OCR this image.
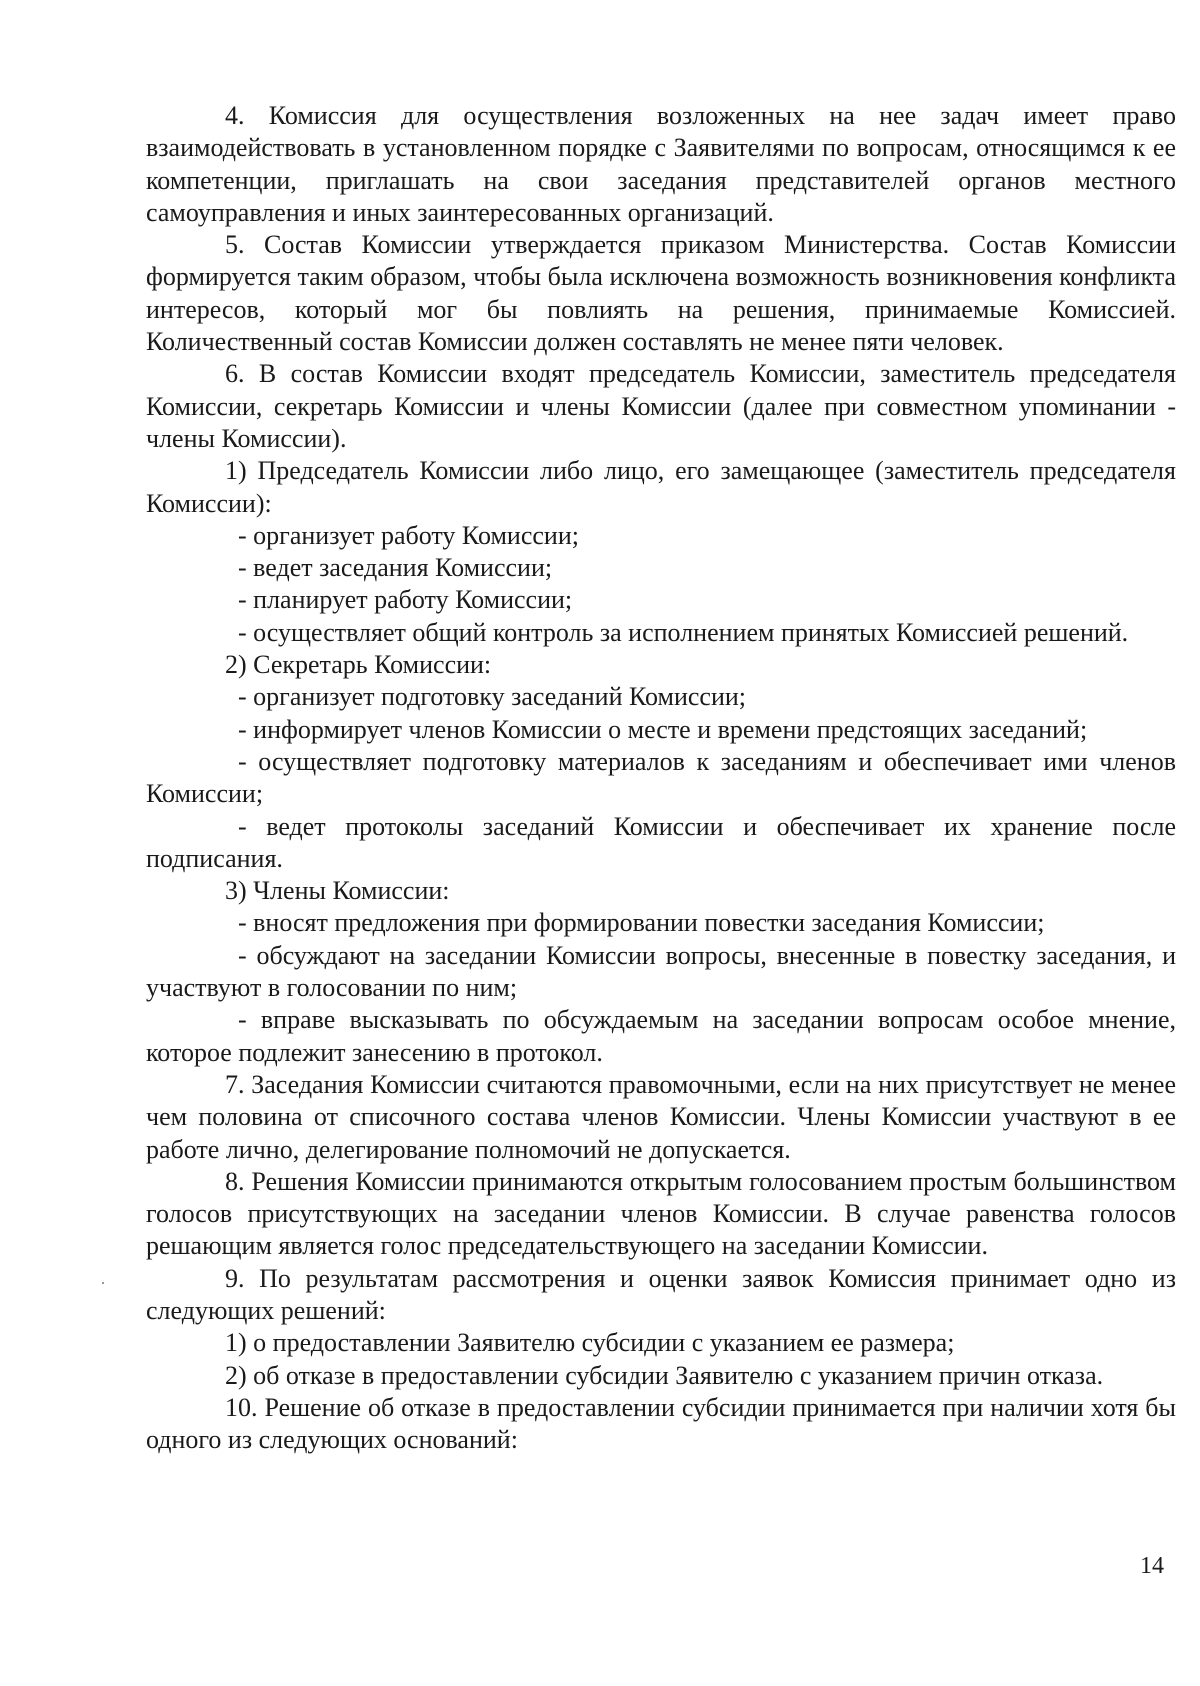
4. Комиссия для осуществления возложенных на нее задач имеет право взаимодействовать в установленном порядке с Заявителями по вопросам, относящимся к ее компетенции, приглашать на свои заседания представителей органов местного самоуправления и иных заинтересованных организаций.

5. Состав Комиссии утверждается приказом Министерства. Состав Комиссии формируется таким образом, чтобы была исключена возможность возникновения конфликта интересов, который мог бы повлиять на решения, принимаемые Комиссией. Количественный состав Комиссии должен составлять не менее пяти человек.

6. В состав Комиссии входят председатель Комиссии, заместитель председателя Комиссии, секретарь Комиссии и члены Комиссии (далее при совместном упоминании - члены Комиссии).

1) Председатель Комиссии либо лицо, его замещающее (заместитель председателя Комиссии):

- организует работу Комиссии;

- ведет заседания Комиссии;

- планирует работу Комиссии;

- осуществляет общий контроль за исполнением принятых Комиссией решений.

2) Секретарь Комиссии:

- организует подготовку заседаний Комиссии;

- информирует членов Комиссии о месте и времени предстоящих заседаний;

- осуществляет подготовку материалов к заседаниям и обеспечивает ими членов Комиссии;

- ведет протоколы заседаний Комиссии и обеспечивает их хранение после подписания.

3) Члены Комиссии:

- вносят предложения при формировании повестки заседания Комиссии;

- обсуждают на заседании Комиссии вопросы, внесенные в повестку заседания, и участвуют в голосовании по ним;

- вправе высказывать по обсуждаемым на заседании вопросам особое мнение, которое подлежит занесению в протокол.

7. Заседания Комиссии считаются правомочными, если на них присутствует не менее чем половина от списочного состава членов Комиссии. Члены Комиссии участвуют в ее работе лично, делегирование полномочий не допускается.

8. Решения Комиссии принимаются открытым голосованием простым большинством голосов присутствующих на заседании членов Комиссии. В случае равенства голосов решающим является голос председательствующего на заседании Комиссии.

9. По результатам рассмотрения и оценки заявок Комиссия принимает одно из следующих решений:

1) о предоставлении Заявителю субсидии с указанием ее размера;

2) об отказе в предоставлении субсидии Заявителю с указанием причин отказа.

10. Решение об отказе в предоставлении субсидии принимается при наличии хотя бы одного из следующих оснований:

14
